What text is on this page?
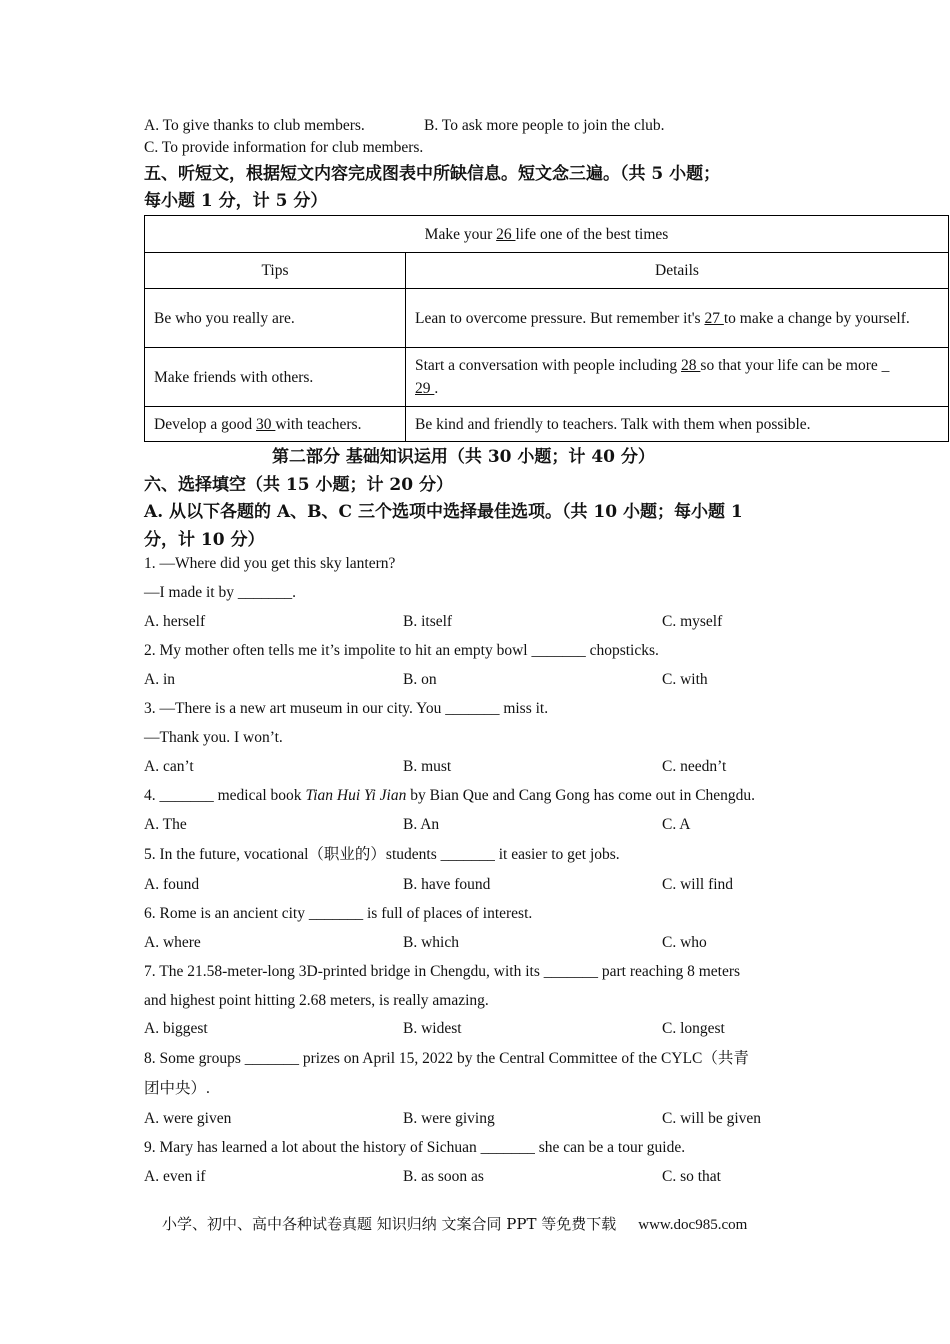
A. To give thanks to club members.	B. To ask more people to join the club.
C. To provide information for club members.
五、听短文，根据短文内容完成图表中所缺信息。短文念三遍。（共 5 小题；
每小题 1 分，计 5 分）
Make your 26 life one of the best times	
Tips	Details
Be who you really are.	Lean to overcome pressure. But remember it's 27 to make a change by yourself.
Make friends with others.	Start a conversation with people including 28 so that your life can be more _
29 .
Develop a good 30 with teachers.	Be kind and friendly to teachers. Talk with them when possible.
第二部分 基础知识运用（共 30 小题；计 40 分）
六、选择填空（共 15 小题；计 20 分）
A. 从以下各题的 A、B、C 三个选项中选择最佳选项。（共 10 小题；每小题 1
分，计 10 分）
1. —Where did you get this sky lantern?
—I made it by _______.
A. herself	B. itself	C. myself
2. My mother often tells me it’s impolite to hit an empty bowl _______ chopsticks.
A. in	B. on	C. with
3. —There is a new art museum in our city. You _______ miss it.
—Thank you. I won’t.
A. can’t	B. must	C. needn’t
4. _______ medical book Tian Hui Yi Jian by Bian Que and Cang Gong has come out in Chengdu.
A. The	B. An	C. A
5. In the future, vocational（职业的）students _______ it easier to get jobs.
A. found	B. have found	C. will find
6. Rome is an ancient city _______ is full of places of interest.
A. where	B. which	C. who
7. The 21.58-meter-long 3D-printed bridge in Chengdu, with its _______ part reaching 8 meters
and highest point hitting 2.68 meters, is really amazing.
A. biggest	B. widest	C. longest
8. Some groups _______ prizes on April 15, 2022 by the Central Committee of the CYLC（共青
团中央）.
A. were given	B. were giving	C. will be given
9. Mary has learned a lot about the history of Sichuan _______ she can be a tour guide.
A. even if	B. as soon as	C. so that
小学、初中、高中各种试卷真题 知识归纳 文案合同 PPT 等免费下载 www.doc985.com
